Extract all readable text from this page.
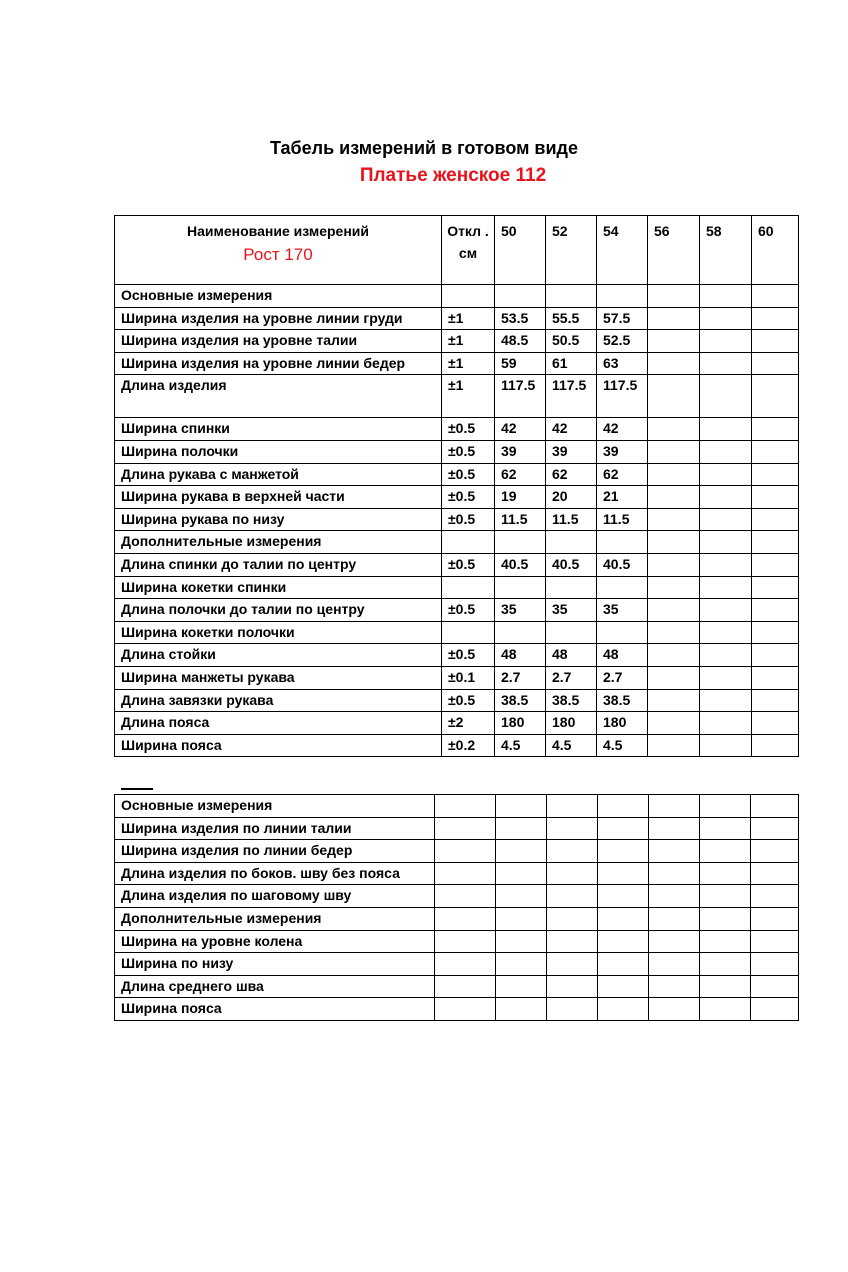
Табель измерений в готовом виде
Платье женское 112
Наименование измерений
Рост 170	Откл . см	50	52	54	56	58	60
Основные измерения							
Ширина изделия на уровне линии груди	±1	53.5	55.5	57.5			
Ширина изделия на уровне талии	±1	48.5	50.5	52.5			
Ширина изделия на уровне линии бедер	±1	59	61	63			
Длина изделия	±1	117.5	117.5	117.5			
Ширина спинки	±0.5	42	42	42			
Ширина полочки	±0.5	39	39	39			
Длина рукава с манжетой	±0.5	62	62	62			
Ширина рукава в верхней части	±0.5	19	20	21			
Ширина рукава по низу	±0.5	11.5	11.5	11.5			
Дополнительные измерения							
Длина спинки до талии по центру	±0.5	40.5	40.5	40.5			
Ширина кокетки спинки							
Длина полочки до талии по центру	±0.5	35	35	35			
Ширина кокетки полочки							
Длина стойки	±0.5	48	48	48			
Ширина манжеты рукава	±0.1	2.7	2.7	2.7			
Длина завязки рукава	±0.5	38.5	38.5	38.5			
Длина пояса	±2	180	180	180			
Ширина пояса	±0.2	4.5	4.5	4.5			
Основные измерения							
Ширина изделия по линии талии							
Ширина изделия по линии бедер							
Длина изделия по боков. шву без пояса							
Длина изделия по шаговому шву							
Дополнительные измерения							
Ширина на уровне колена							
Ширина по низу							
Длина среднего шва							
Ширина пояса							
